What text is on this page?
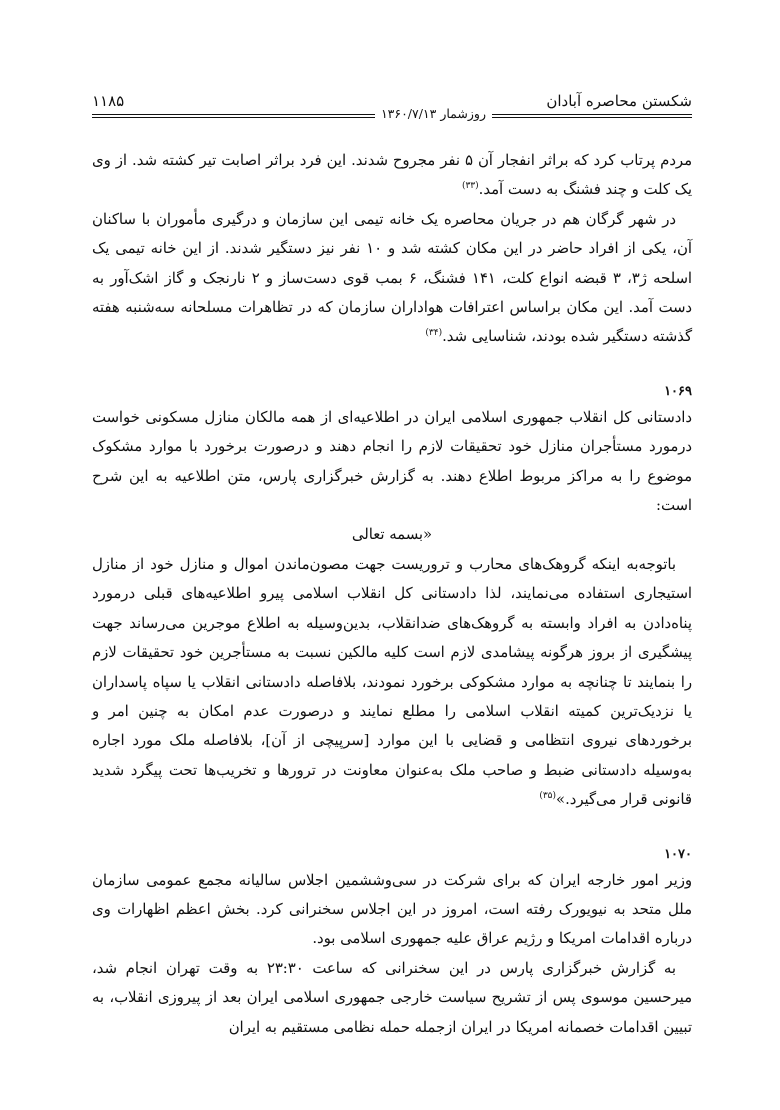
شکستن محاصره آبادان
روزشمار ۱۳۶۰/۷/۱۳
۱۱۸۵

مردم پرتاب کرد که براثر انفجار آن ۵ نفر مجروح شدند. این فرد براثر اصابت تیر کشته شد. از وی یک کلت و چند فشنگ به دست آمد.$^{(۳۳)}$

در شهر گرگان هم در جریان محاصره یک خانه تیمی این سازمان و درگیری مأموران با ساکنان آن، یکی از افراد حاضر در این مکان کشته شد و ۱۰ نفر نیز دستگیر شدند. از این خانه تیمی یک اسلحه ژ۳، ۳ قبضه انواع کلت، ۱۴۱ فشنگ، ۶ بمب قوی دست‌ساز و ۲ نارنجک و گاز اشک‌آور به دست آمد. این مکان براساس اعترافات هواداران سازمان که در تظاهرات مسلحانه سه‌شنبه هفته گذشته دستگیر شده بودند، شناسایی شد.$^{(۳۴)}$

۱۰۶۹

دادستانی کل انقلاب جمهوری اسلامی ایران در اطلاعیه‌ای از همه مالکان منازل مسکونی خواست درمورد مستأجران منازل خود تحقیقات لازم را انجام دهند و درصورت برخورد با موارد مشکوک موضوع را به مراکز مربوط اطلاع دهند. به گزارش خبرگزاری پارس، متن اطلاعیه به این شرح است:

«بسمه تعالی

باتوجه‌به اینکه گروهک‌های محارب و تروریست جهت مصون‌ماندن اموال و منازل خود از منازل استیجاری استفاده می‌نمایند، لذا دادستانی کل انقلاب اسلامی پیرو اطلاعیه‌های قبلی درمورد پناه‌دادن به افراد وابسته به گروهک‌های ضدانقلاب، بدین‌وسیله به اطلاع موجرین می‌رساند جهت پیشگیری از بروز هرگونه پیشامدی لازم است کلیه مالکین نسبت به مستأجرین خود تحقیقات لازم را بنمایند تا چنانچه به موارد مشکوکی برخورد نمودند، بلافاصله دادستانی انقلاب یا سپاه پاسداران یا نزدیک‌ترین کمیته انقلاب اسلامی را مطلع نمایند و درصورت عدم امکان به چنین امر و برخوردهای نیروی انتظامی و قضایی با این موارد [سرپیچی از آن]، بلافاصله ملک مورد اجاره به‌وسیله دادستانی ضبط و صاحب ملک به‌عنوان معاونت در ترورها و تخریب‌ها تحت پیگرد شدید قانونی قرار می‌گیرد.»$^{(۳۵)}$

۱۰۷۰

وزیر امور خارجه ایران که برای شرکت در سی‌وششمین اجلاس سالیانه مجمع عمومی سازمان ملل متحد به نیویورک رفته است، امروز در این اجلاس سخنرانی کرد. بخش اعظم اظهارات وی درباره اقدامات امریکا و رژیم عراق علیه جمهوری اسلامی بود.

به گزارش خبرگزاری پارس در این سخنرانی که ساعت ۲۳:۳۰ به وقت تهران انجام شد، میرحسین موسوی پس از تشریح سیاست خارجی جمهوری اسلامی ایران بعد از پیروزی انقلاب، به تبیین اقدامات خصمانه امریکا در ایران ازجمله حمله نظامی مستقیم به ایران
